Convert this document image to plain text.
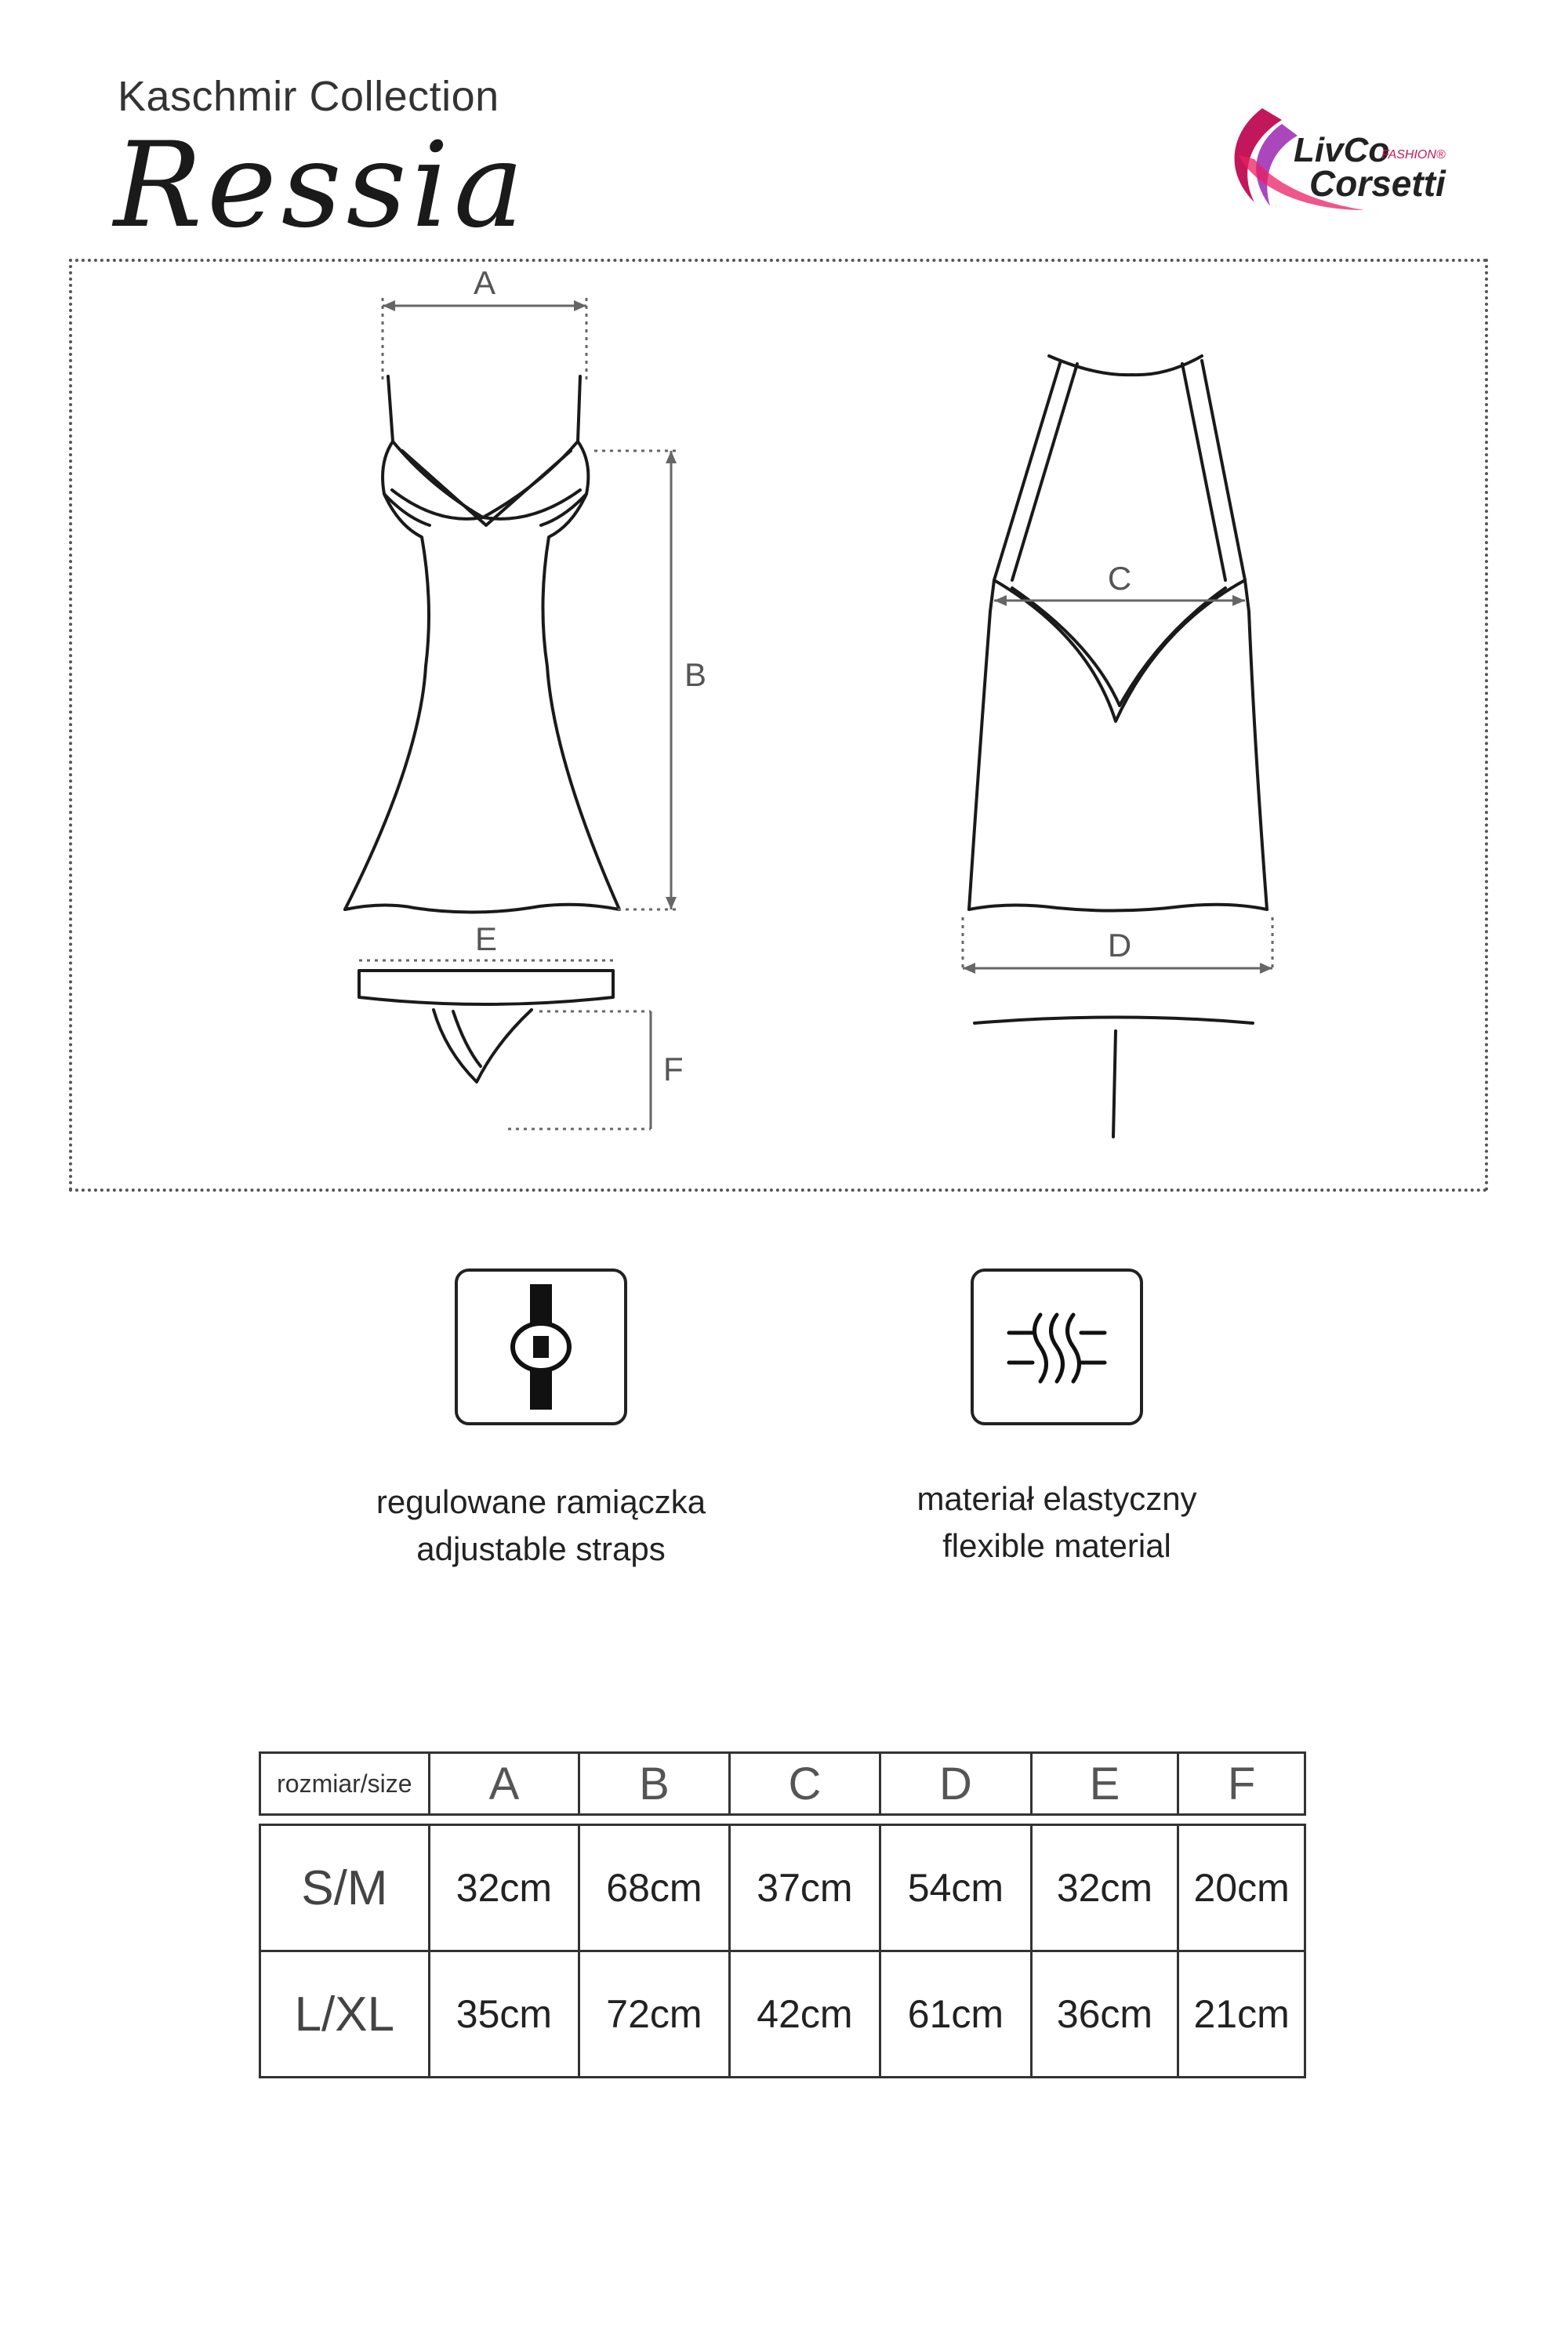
Kaschmir Collection
Ressia	LivCo
FASHION®
Corsetti
A
B
C
D
E
F
regulowane ramiączka
adjustable straps
materiał elastyczny
flexible material
rozmiar/size	A	B	C	D	E	F

S/M	32cm	68cm	37cm	54cm	32cm	20cm
L/XL	35cm	72cm	42cm	61cm	36cm	21cm
